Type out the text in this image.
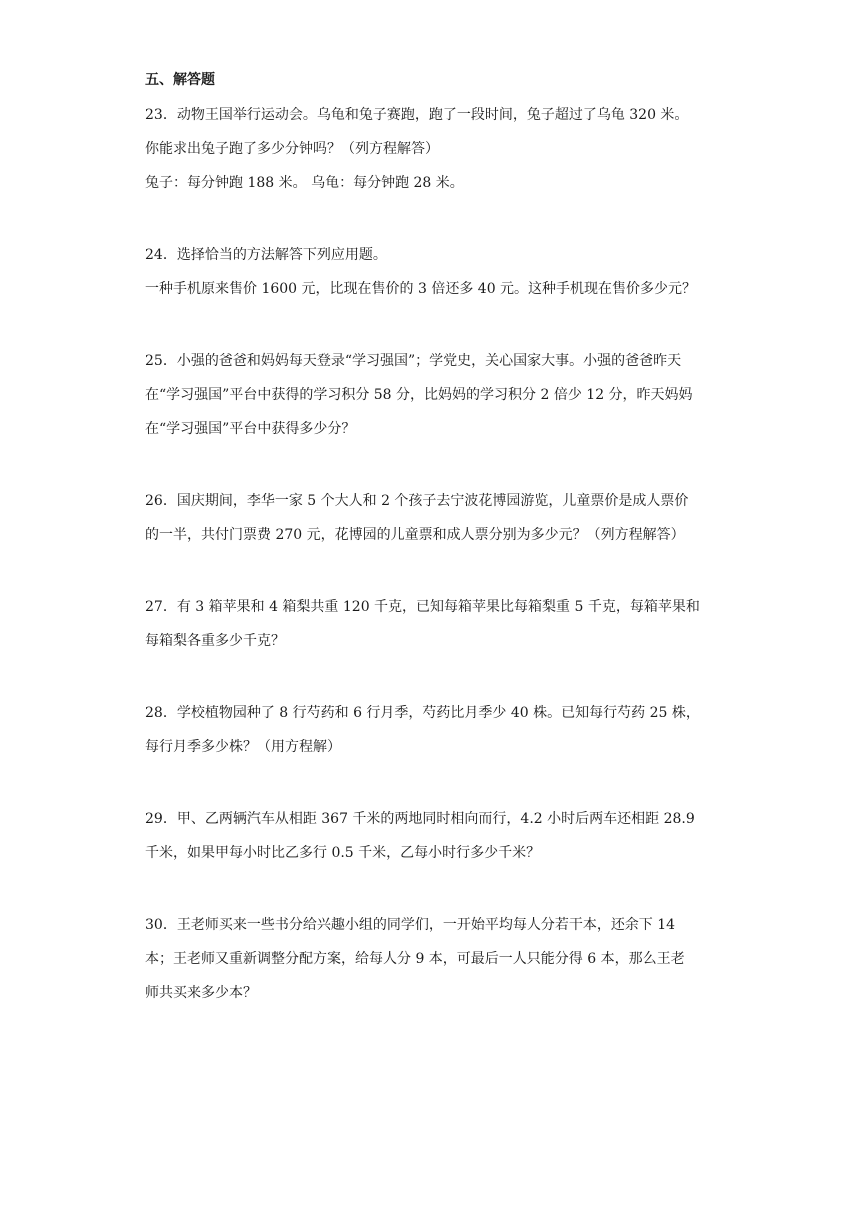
五、解答题
23．动物王国举行运动会。乌龟和兔子赛跑，跑了一段时间，兔子超过了乌龟 320 米。
你能求出兔子跑了多少分钟吗？（列方程解答）
兔子：每分钟跑 188 米。 乌龟：每分钟跑 28 米。
24．选择恰当的方法解答下列应用题。
一种手机原来售价 1600 元，比现在售价的 3 倍还多 40 元。这种手机现在售价多少元？
25．小强的爸爸和妈妈每天登录“学习强国”；学党史，关心国家大事。小强的爸爸昨天
在“学习强国”平台中获得的学习积分 58 分，比妈妈的学习积分 2 倍少 12 分，昨天妈妈
在“学习强国”平台中获得多少分？
26．国庆期间，李华一家 5 个大人和 2 个孩子去宁波花博园游览，儿童票价是成人票价
的一半，共付门票费 270 元，花博园的儿童票和成人票分别为多少元？（列方程解答）
27．有 3 箱苹果和 4 箱梨共重 120 千克，已知每箱苹果比每箱梨重 5 千克，每箱苹果和
每箱梨各重多少千克？
28．学校植物园种了 8 行芍药和 6 行月季，芍药比月季少 40 株。已知每行芍药 25 株，
每行月季多少株？（用方程解）
29．甲、乙两辆汽车从相距 367 千米的两地同时相向而行，4.2 小时后两车还相距 28.9
千米，如果甲每小时比乙多行 0.5 千米，乙每小时行多少千米？
30．王老师买来一些书分给兴趣小组的同学们，一开始平均每人分若干本，还余下 14
本；王老师又重新调整分配方案，给每人分 9 本，可最后一人只能分得 6 本，那么王老
师共买来多少本？
